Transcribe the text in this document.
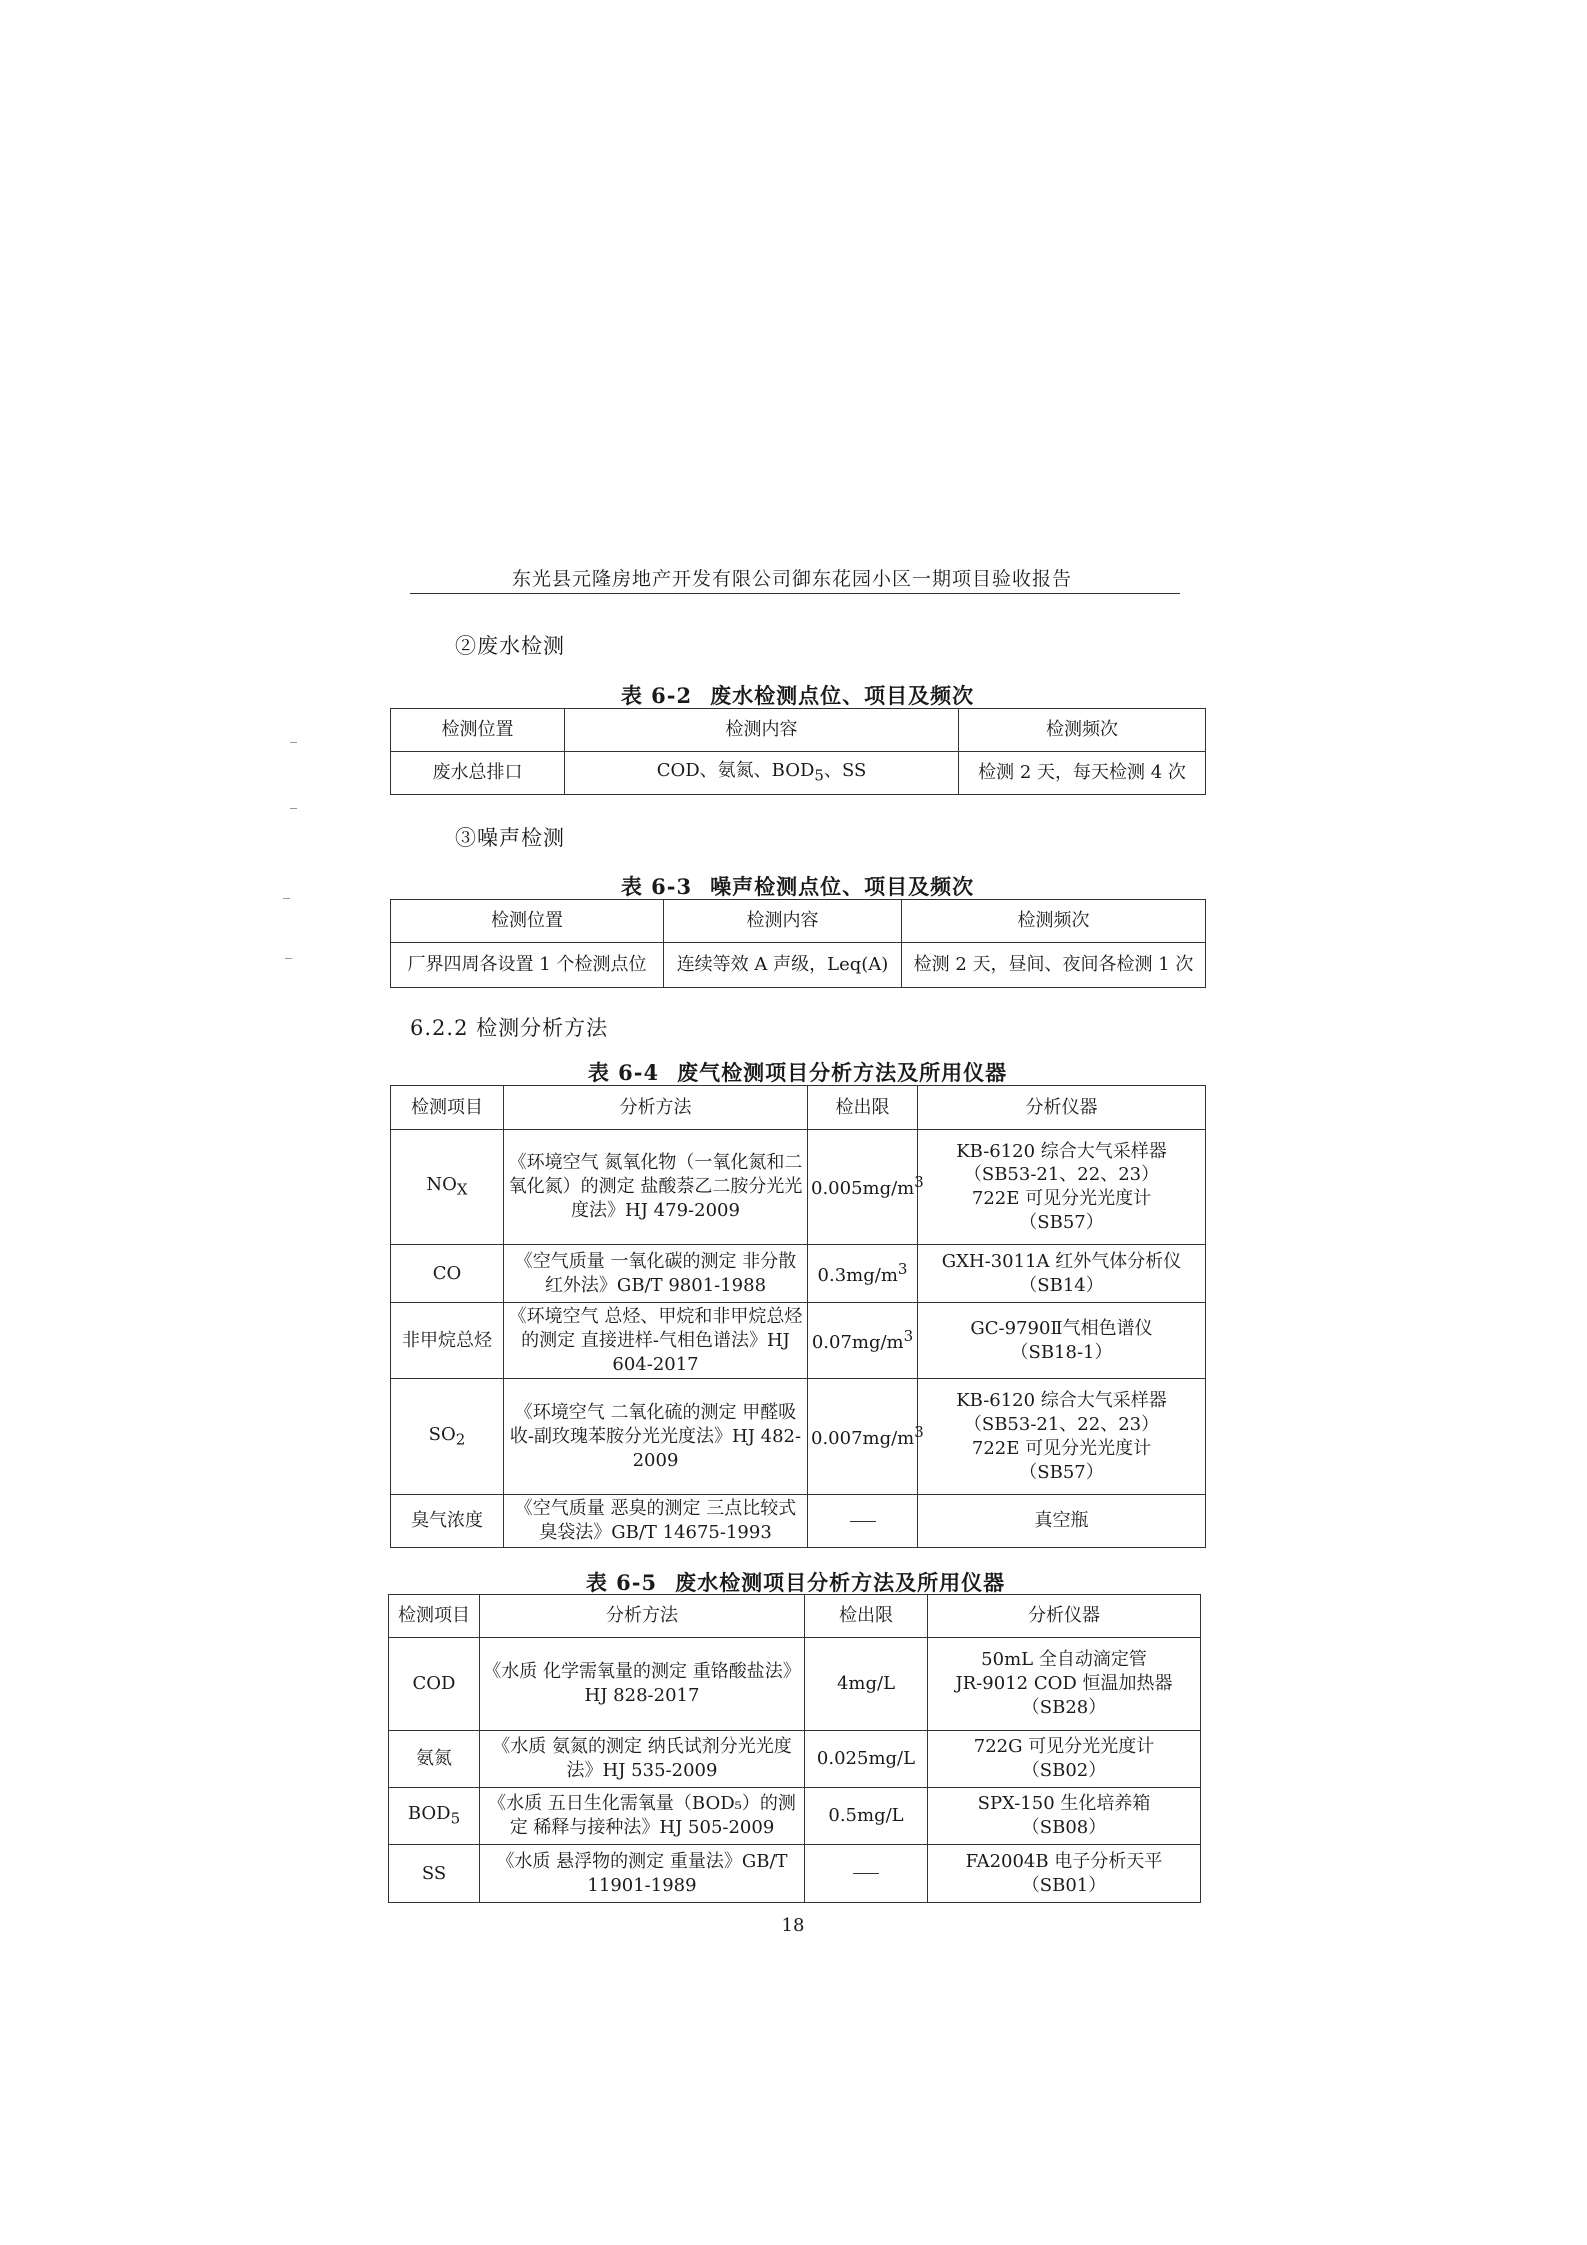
东光县元隆房地产开发有限公司御东花园小区一期项目验收报告
②废水检测
表 6-2 废水检测点位、项目及频次
检测位置	检测内容	检测频次
废水总排口	COD、氨氮、$BOD_5$、SS	检测 2 天，每天检测 4 次
③噪声检测
表 6-3 噪声检测点位、项目及频次
检测位置	检测内容	检测频次
厂界四周各设置 1 个检测点位	连续等效 A 声级，Leq(A)	检测 2 天，昼间、夜间各检测 1 次
6.2.2 检测分析方法
表 6-4 废气检测项目分析方法及所用仪器
检测项目	分析方法	检出限	分析仪器
$NO_X$	《环境空气 氮氧化物（一氧化氮和二氧化氮）的测定 盐酸萘乙二胺分光光度法》HJ 479-2009	$0.005mg/m^3$	KB-6120 综合大气采样器
（SB53-21、22、23）
722E 可见分光光度计
（SB57）

CO	《空气质量 一氧化碳的测定 非分散红外法》GB/T 9801-1988	$0.3mg/m^3$	GXH-3011A 红外气体分析仪
（SB14）

非甲烷总烃	《环境空气 总烃、甲烷和非甲烷总烃的测定 直接进样-气相色谱法》HJ 604-2017	$0.07mg/m^3$	GC-9790Ⅱ气相色谱仪
（SB18-1）

$SO_2$	《环境空气 二氧化硫的测定 甲醛吸收-副玫瑰苯胺分光光度法》HJ 482-2009	$0.007mg/m^3$	KB-6120 综合大气采样器
（SB53-21、22、23）
722E 可见分光光度计
（SB57）

臭气浓度	《空气质量 恶臭的测定 三点比较式臭袋法》GB/T 14675-1993		真空瓶
表 6-5 废水检测项目分析方法及所用仪器
检测项目	分析方法	检出限	分析仪器
COD	《水质 化学需氧量的测定 重铬酸盐法》HJ 828-2017	4mg/L	50mL 全自动滴定管
JR-9012 COD 恒温加热器
（SB28）

氨氮	《水质 氨氮的测定 纳氏试剂分光光度法》HJ 535-2009	0.025mg/L	722G 可见分光光度计
（SB02）

$BOD_5$	《水质 五日生化需氧量（BOD₅）的测定 稀释与接种法》HJ 505-2009	0.5mg/L	SPX-150 生化培养箱
（SB08）

SS	《水质 悬浮物的测定 重量法》GB/T 11901-1989		FA2004B 电子分析天平
（SB01）
18
